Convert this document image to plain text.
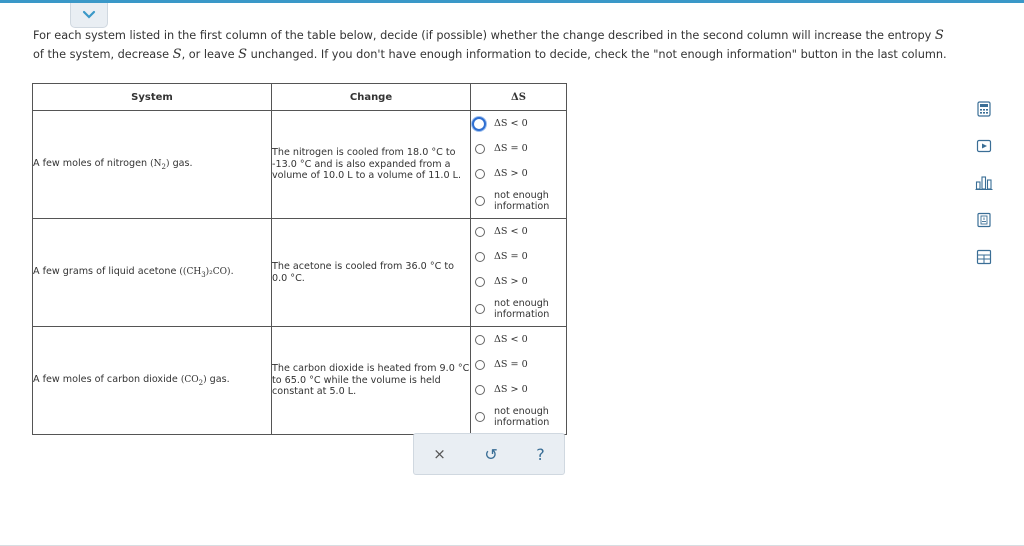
For each system listed in the first column of the table below, decide (if possible) whether the change described in the second column will increase the entropy S of the system, decrease S, or leave S unchanged. If you don't have enough information to decide, check the "not enough information" button in the last column.
System	Change	ΔS
A few moles of nitrogen $(N_2)$ gas.	The nitrogen is cooled from 18.0 °C to -13.0 °C and is also expanded from a volume of 10.0 L to a volume of 11.0 L.	ΔS < 0
ΔS = 0
ΔS > 0
not enough
information

A few grams of liquid acetone $((CH_3)_2CO)$.	The acetone is cooled from 36.0 °C to 0.0 °C.	ΔS < 0
ΔS = 0
ΔS > 0
not enough
information

A few moles of carbon dioxide $(CO_2)$ gas.	The carbon dioxide is heated from 9.0 °C to 65.0 °C while the volume is held constant at 5.0 L.	ΔS < 0
ΔS = 0
ΔS > 0
not enough
information
× ↺ ?
